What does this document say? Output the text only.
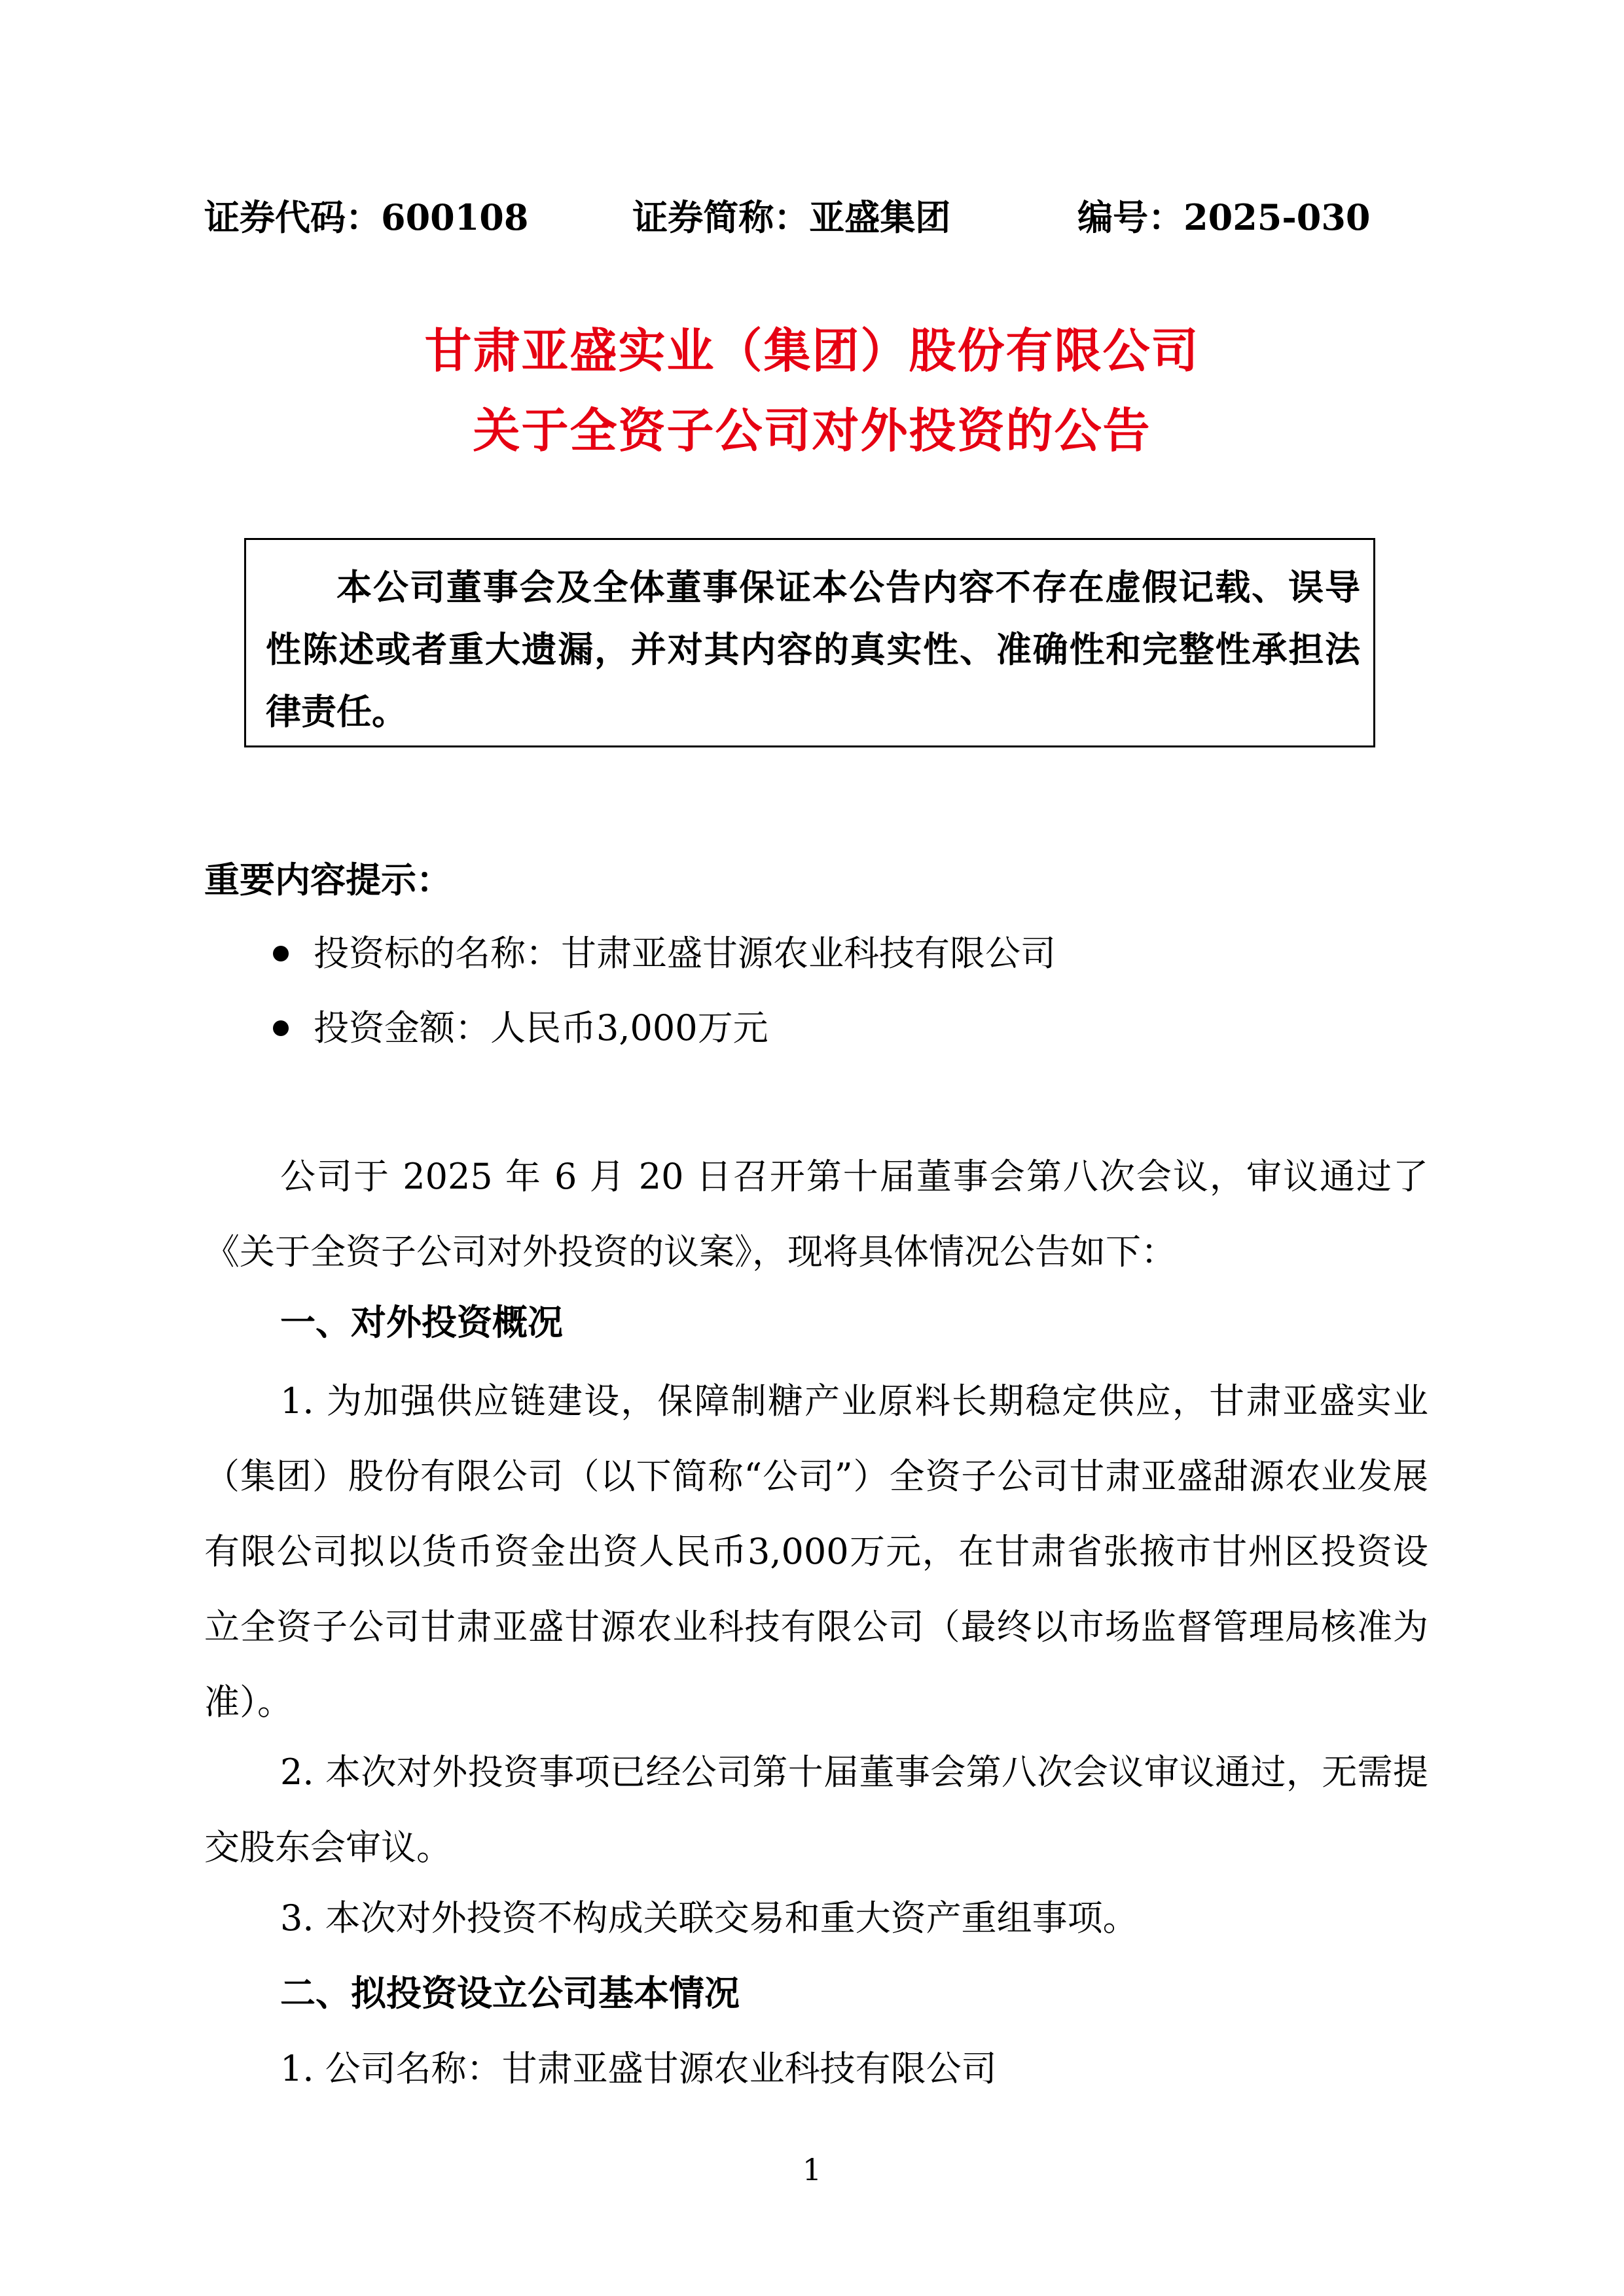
证券代码：600108	证券简称：亚盛集团	编号：2025-030
甘肃亚盛实业（集团）股份有限公司
关于全资子公司对外投资的公告
本公司董事会及全体董事保证本公告内容不存在虚假记载、误导性陈述或者重大遗漏，并对其内容的真实性、准确性和完整性承担法律责任。
重要内容提示：
投资标的名称：甘肃亚盛甘源农业科技有限公司
投资金额：人民币3,000万元
公司于 2025 年 6 月 20 日召开第十届董事会第八次会议，审议通过了《关于全资子公司对外投资的议案》，现将具体情况公告如下：
一、对外投资概况
1. 为加强供应链建设，保障制糖产业原料长期稳定供应，甘肃亚盛实业（集团）股份有限公司（以下简称“公司”）全资子公司甘肃亚盛甜源农业发展有限公司拟以货币资金出资人民币3,000万元，在甘肃省张掖市甘州区投资设立全资子公司甘肃亚盛甘源农业科技有限公司（最终以市场监督管理局核准为准）。
2. 本次对外投资事项已经公司第十届董事会第八次会议审议通过，无需提交股东会审议。
3. 本次对外投资不构成关联交易和重大资产重组事项。
二、拟投资设立公司基本情况
1. 公司名称：甘肃亚盛甘源农业科技有限公司
1
